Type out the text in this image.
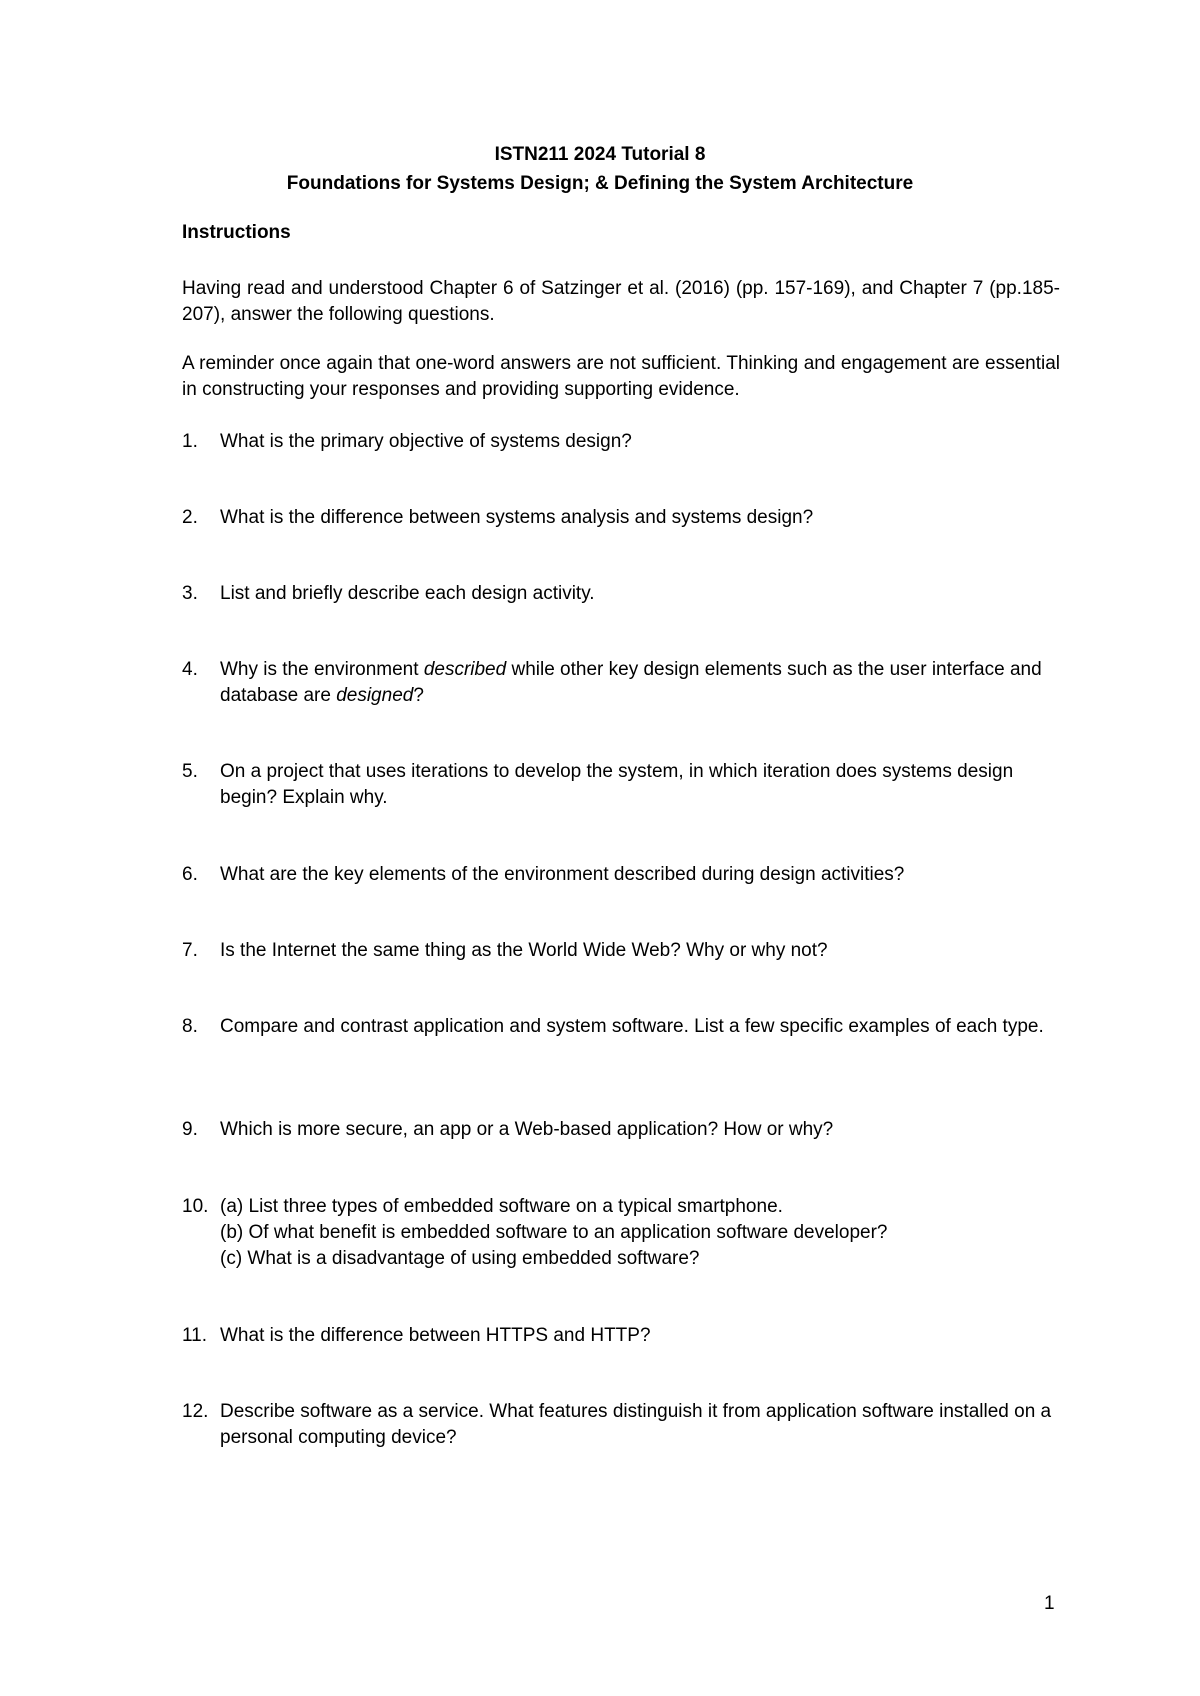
ISTN211 2024 Tutorial 8
Foundations for Systems Design; & Defining the System Architecture
Instructions
Having read and understood Chapter 6 of Satzinger et al. (2016) (pp. 157-169), and Chapter 7 (pp.185-207), answer the following questions.
A reminder once again that one-word answers are not sufficient. Thinking and engagement are essential in constructing your responses and providing supporting evidence.
1.	What is the primary objective of systems design?
2.	What is the difference between systems analysis and systems design?
3.	List and briefly describe each design activity.
4.	Why is the environment described while other key design elements such as the user interface and database are designed?
5.	On a project that uses iterations to develop the system, in which iteration does systems design begin? Explain why.
6.	What are the key elements of the environment described during design activities?
7.	Is the Internet the same thing as the World Wide Web? Why or why not?
8.	Compare and contrast application and system software. List a few specific examples of each type.
9.	Which is more secure, an app or a Web-based application? How or why?
10. (a) List three types of embedded software on a typical smartphone.
(b) Of what benefit is embedded software to an application software developer?
(c) What is a disadvantage of using embedded software?
11. What is the difference between HTTPS and HTTP?
12. Describe software as a service. What features distinguish it from application software installed on a personal computing device?
1
